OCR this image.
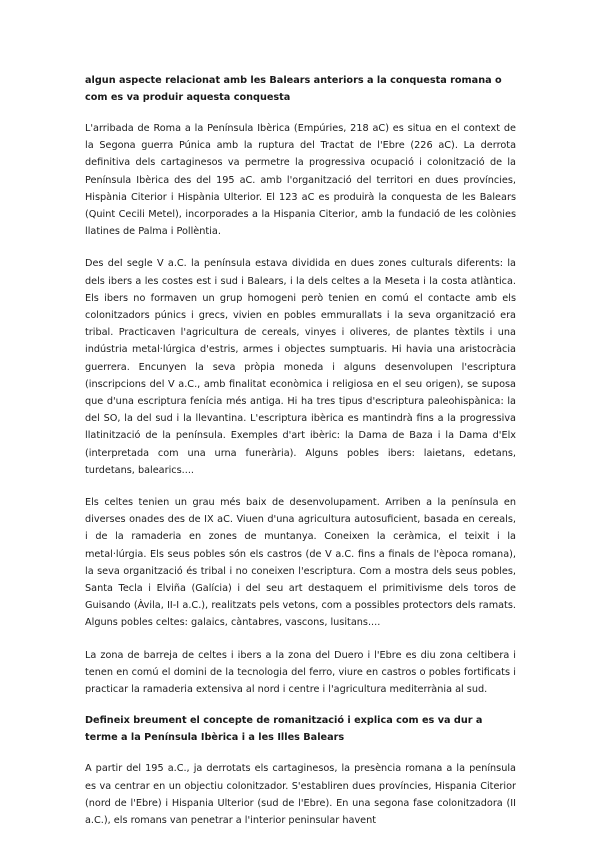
algun aspecte relacionat amb les Balears anteriors a la conquesta romana o com es va produir aquesta conquesta

L'arribada de Roma a la Península Ibèrica (Empúries, 218 aC) es situa en el context de la Segona guerra Púnica amb la ruptura del Tractat de l'Ebre (226 aC). La derrota definitiva dels cartaginesos va permetre la progressiva ocupació i colonització de la Península Ibèrica des del 195 aC. amb l'organització del territori en dues províncies, Hispània Citerior i Hispània Ulterior. El 123 aC es produirà la conquesta de les Balears (Quint Cecili Metel), incorporades a la Hispania Citerior, amb la fundació de les colònies llatines de Palma i Pollèntia.

Des del segle V a.C. la península estava dividida en dues zones culturals diferents: la dels ibers a les costes est i sud i Balears, i la dels celtes a la Meseta i la costa atlàntica. Els ibers no formaven un grup homogeni però tenien en comú el contacte amb els colonitzadors púnics i grecs, vivien en pobles emmurallats i la seva organització era tribal. Practicaven l'agricultura de cereals, vinyes i oliveres, de plantes tèxtils i una indústria metal·lúrgica d'estris, armes i objectes sumptuaris. Hi havia una aristocràcia guerrera. Encunyen la seva pròpia moneda i alguns desenvolupen l'escriptura (inscripcions del V a.C., amb finalitat econòmica i religiosa en el seu origen), se suposa que d'una escriptura fenícia més antiga. Hi ha tres tipus d'escriptura paleohispànica: la del SO, la del sud i la llevantina. L'escriptura ibèrica es mantindrà fins a la progressiva llatinització de la península. Exemples d'art ibèric: la Dama de Baza i la Dama d'Elx (interpretada com una urna funerària). Alguns pobles ibers: laietans, edetans, turdetans, balearics....

Els celtes tenien un grau més baix de desenvolupament. Arriben a la península en diverses onades des de IX aC. Viuen d'una agricultura autosuficient, basada en cereals, i de la ramaderia en zones de muntanya. Coneixen la ceràmica, el teixit i la metal·lúrgia. Els seus pobles són els castros (de V a.C. fins a finals de l'època romana), la seva organització és tribal i no coneixen l'escriptura. Com a mostra dels seus pobles, Santa Tecla i Elviña (Galícia) i del seu art destaquem el primitivisme dels toros de Guisando (Àvila, II-I a.C.), realitzats pels vetons, com a possibles protectors dels ramats. Alguns pobles celtes: galaics, càntabres, vascons, lusitans....

La zona de barreja de celtes i ibers a la zona del Duero i l'Ebre es diu zona celtibera i tenen en comú el domini de la tecnologia del ferro, viure en castros o pobles fortificats i practicar la ramaderia extensiva al nord i centre i l'agricultura mediterrània al sud.

Defineix breument el concepte de romanització i explica com es va dur a terme a la Península Ibèrica i a les Illes Balears

A partir del 195 a.C., ja derrotats els cartaginesos, la presència romana a la península es va centrar en un objectiu colonitzador. S'establiren dues províncies, Hispania Citerior (nord de l'Ebre) i Hispania Ulterior (sud de l'Ebre). En una segona fase colonitzadora (II a.C.), els romans van penetrar a l'interior peninsular havent
